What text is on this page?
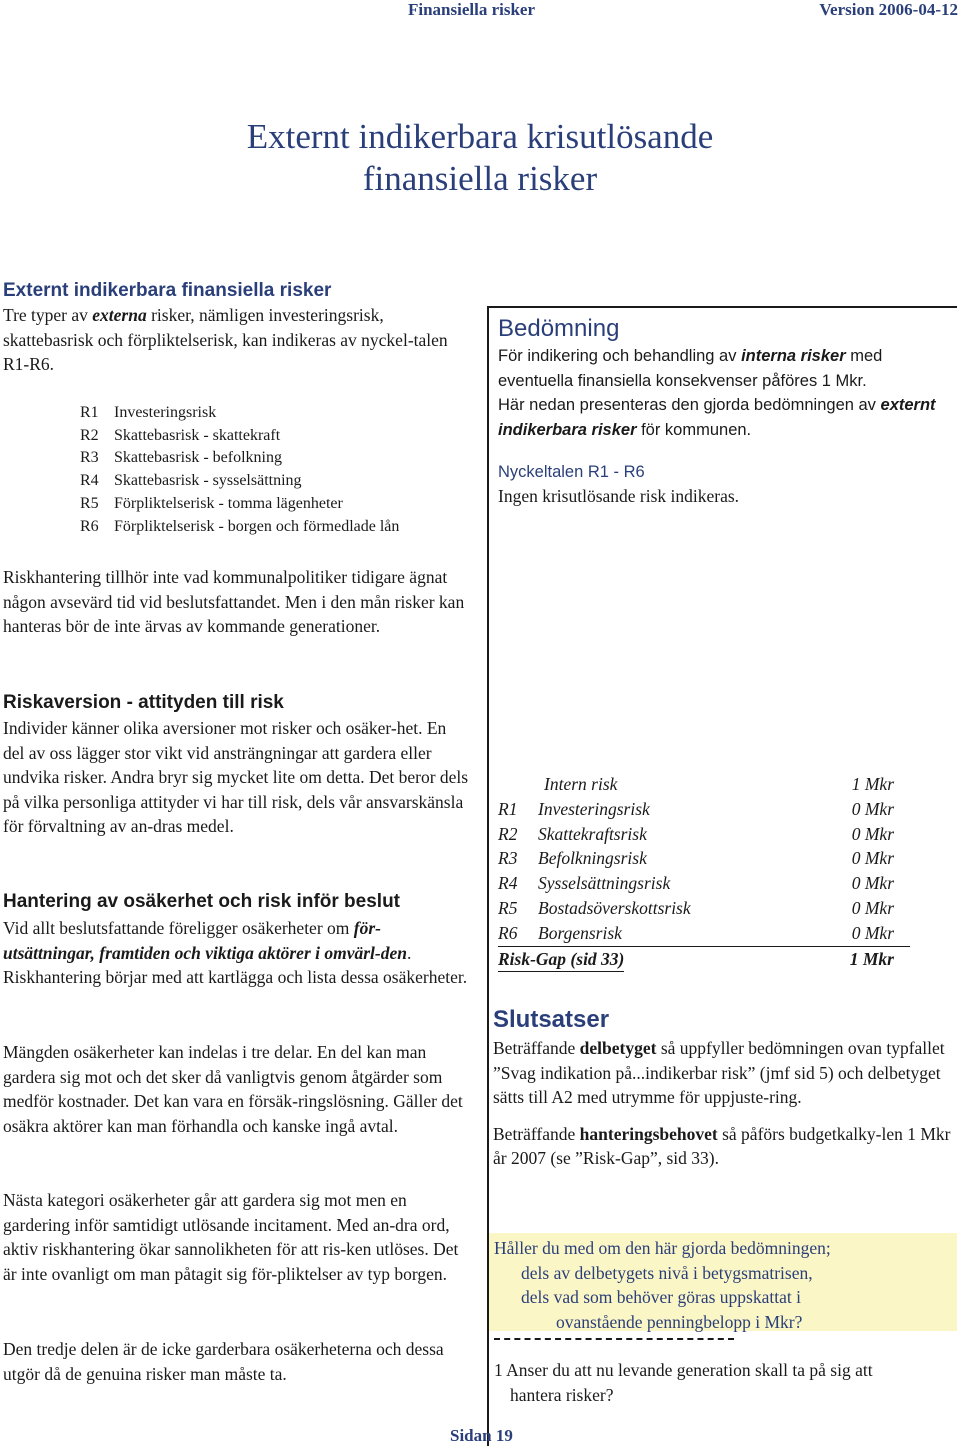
Finansiella risker	Version 2006-04-12
Externt indikerbara krisutlösande
finansiella risker
Externt indikerbara finansiella risker
Tre typer av externa risker, nämligen investeringsrisk, skattebasrisk och förpliktelserisk, kan indikeras av nyckel-talen R1-R6.
R1 Investeringsrisk
R2 Skattebasrisk - skattekraft
R3 Skattebasrisk - befolkning
R4 Skattebasrisk - sysselsättning
R5 Förpliktelserisk - tomma lägenheter
R6 Förpliktelserisk - borgen och förmedlade lån
Riskhantering tillhör inte vad kommunalpolitiker tidigare ägnat någon avsevärd tid vid beslutsfattandet. Men i den mån risker kan hanteras bör de inte ärvas av kommande generationer.
Riskaversion - attityden till risk
Individer känner olika aversioner mot risker och osäker-het. En del av oss lägger stor vikt vid ansträngningar att gardera eller undvika risker. Andra bryr sig mycket lite om detta. Det beror dels på vilka personliga attityder vi har till risk, dels vår ansvarskänsla för förvaltning av an-dras medel.
Hantering av osäkerhet och risk inför beslut
Vid allt beslutsfattande föreligger osäkerheter om för-utsättningar, framtiden och viktiga aktörer i omvärl-den. Riskhantering börjar med att kartlägga och lista dessa osäkerheter.
Mängden osäkerheter kan indelas i tre delar. En del kan man gardera sig mot och det sker då vanligtvis genom åtgärder som medför kostnader. Det kan vara en försäk-ringslösning. Gäller det osäkra aktörer kan man förhandla och kanske ingå avtal.
Nästa kategori osäkerheter går att gardera sig mot men en gardering inför samtidigt utlösande incitament. Med an-dra ord, aktiv riskhantering ökar sannolikheten för att ris-ken utlöses. Det är inte ovanligt om man påtagit sig för-pliktelser av typ borgen.
Den tredje delen är de icke garderbara osäkerheterna och dessa utgör då de genuina risker man måste ta.
Bedömning
För indikering och behandling av interna risker med eventuella finansiella konsekvenser påföres 1 Mkr.
Här nedan presenteras den gjorda bedömningen av externt indikerbara risker för kommunen.
Nyckeltalen R1 - R6
Ingen krisutlösande risk indikeras.
Intern risk	1 Mkr
R1 Investeringsrisk	0 Mkr
R2 Skattekraftsrisk	0 Mkr
R3 Befolkningsrisk	0 Mkr
R4 Sysselsättningsrisk	0 Mkr
R5 Bostadsöverskottsrisk	0 Mkr
R6 Borgensrisk	0 Mkr
Risk-Gap (sid 33)	1 Mkr
Slutsatser
Beträffande delbetyget så uppfyller bedömningen ovan typfallet ”Svag indikation på...indikerbar risk” (jmf sid 5) och delbetyget sätts till A2 med utrymme för uppjuste-ring.
Beträffande hanteringsbehovet så påförs budgetkalky-len 1 Mkr år 2007 (se ”Risk-Gap”, sid 33).
Håller du med om den här gjorda bedömningen;
dels av delbetygets nivå i betygsmatrisen,
dels vad som behöver göras uppskattat i
ovanstående penningbelopp i Mkr?
1 Anser du att nu levande generation skall ta på sig att
hantera risker?
Sidan 19
